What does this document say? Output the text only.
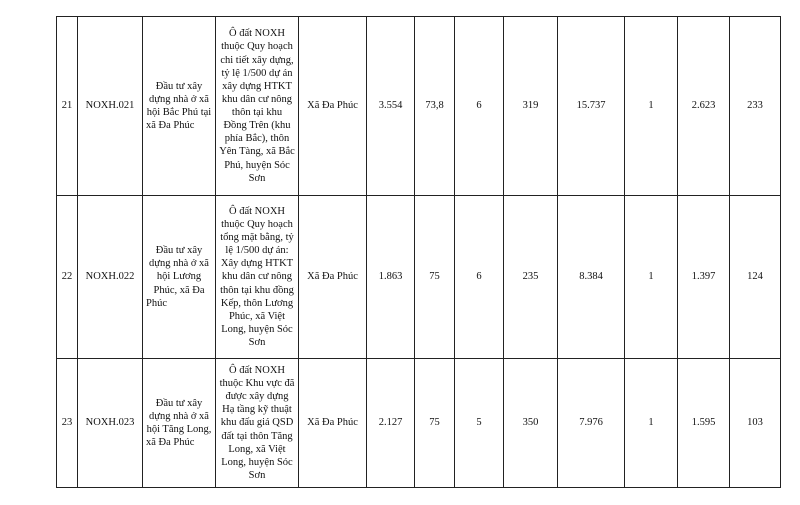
21	NOXH.021	Đầu tư xây dựng nhà ở xã hội Bắc Phú tại xã Đa Phúc	Ô đất NOXH thuộc Quy hoạch chi tiết xây dựng, tỷ lệ 1/500 dự án xây dựng HTKT khu dân cư nông thôn tại khu Đồng Trên (khu phía Bắc), thôn Yên Tàng, xã Bắc Phú, huyện Sóc Sơn	Xã Đa Phúc	3.554	73,8	6	319	15.737	1	2.623	233
22	NOXH.022	Đầu tư xây dựng nhà ở xã hội Lương Phúc, xã Đa Phúc	Ô đất NOXH thuộc Quy hoạch tổng mặt bằng, tỷ lệ 1/500 dự án: Xây dựng HTKT khu dân cư nông thôn tại khu đồng Kếp, thôn Lương Phúc, xã Việt Long, huyện Sóc Sơn	Xã Đa Phúc	1.863	75	6	235	8.384	1	1.397	124
23	NOXH.023	Đầu tư xây dựng nhà ở xã hội Tăng Long, xã Đa Phúc	Ô đất NOXH thuộc Khu vực đã được xây dựng Hạ tầng kỹ thuật khu đấu giá QSD đất tại thôn Tăng Long, xã Việt Long, huyện Sóc Sơn	Xã Đa Phúc	2.127	75	5	350	7.976	1	1.595	103
